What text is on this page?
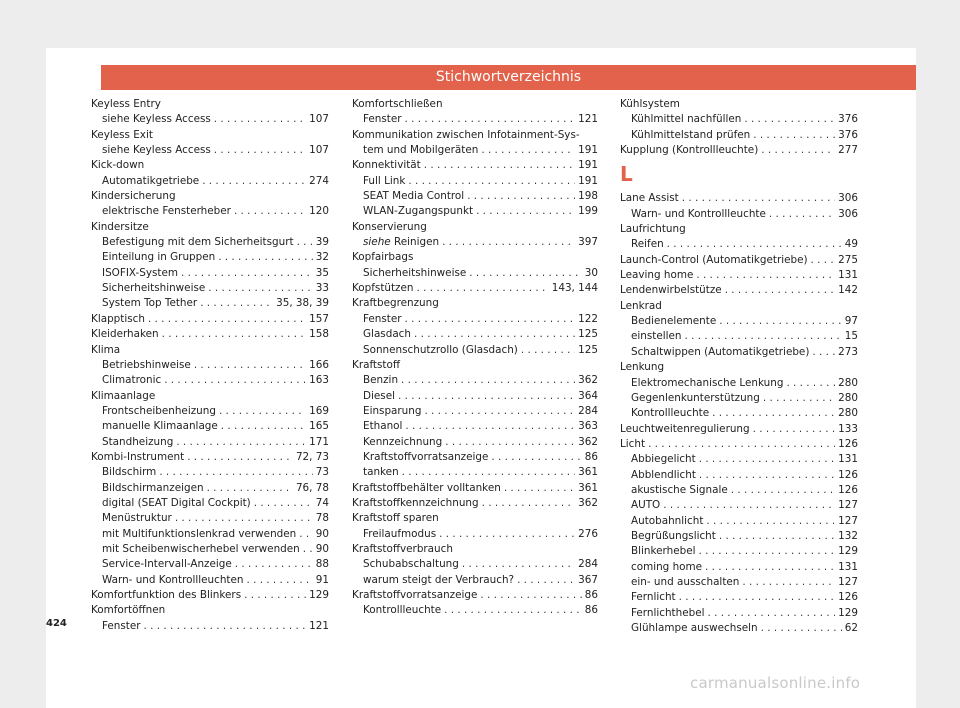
Stichwortverzeichnis
Keyless Entry
siehe Keyless Access . . .	107
Keyless Exit
siehe Keyless Access . . .	107
Kick-down
Automatikgetriebe . . .	274
Kindersicherung
elektrische Fensterheber . . .	120
Kindersitze
Befestigung mit dem Sicherheitsgurt . . . 39
Einteilung in Gruppen . . .	32
ISOFIX-System . . .	35
Sicherheitshinweise . . .	33
System Top Tether . . .	35, 38, 39
Klapptisch . . .	157
Kleiderhaken . . .	158
Klima
Betriebshinweise . . .	166
Climatronic . . .	163
Klimaanlage
Frontscheibenheizung . . .	169
manuelle Klimaanlage . . .	165
Standheizung . . .	171
Kombi-Instrument . . .	72, 73
Bildschirm . . .	73
Bildschirmanzeigen . . .	76, 78
digital (SEAT Digital Cockpit) . . .	74
Menüstruktur . . .	78
mit Multifunktionslenkrad verwenden . . . 90
mit Scheibenwischerhebel verwenden . . . 90
Service-Intervall-Anzeige . . .	88
Warn- und Kontrollleuchten . . .	91
Komfortfunktion des Blinkers . . .	129
Komfortöffnen
Fenster . . .	121
Komfortschließen
Fenster . . .	121
Kommunikation zwischen Infotainment-Sys-
tem und Mobilgeräten . . .	191
Konnektivität . . .	191
Full Link . . .	191
SEAT Media Control . . .	198
WLAN-Zugangspunkt . . .	199
Konservierung
siehe Reinigen . . .	397
Kopfairbags
Sicherheitshinweise . . .	30
Kopfstützen . . .	143, 144
Kraftbegrenzung
Fenster . . .	122
Glasdach . . .	125
Sonnenschutzrollo (Glasdach) . . .	125
Kraftstoff
Benzin . . .	362
Diesel . . .	364
Einsparung . . .	284
Ethanol . . .	363
Kennzeichnung . . .	362
Kraftstoffvorratsanzeige . . .	86
tanken . . .	361
Kraftstoffbehälter volltanken . . .	361
Kraftstoffkennzeichnung . . .	362
Kraftstoff sparen
Freilaufmodus . . .	276
Kraftstoffverbrauch
Schubabschaltung . . .	284
warum steigt der Verbrauch? . . .	367
Kraftstoffvorratsanzeige . . .	86
Kontrollleuchte . . .	86
Kühlsystem
Kühlmittel nachfüllen . . .	376
Kühlmittelstand prüfen . . .	376
Kupplung (Kontrollleuchte) . . .	277
L
Lane Assist . . .	306
Warn- und Kontrollleuchte . . .	306
Laufrichtung
Reifen . . .	49
Launch-Control (Automatikgetriebe) . . .	275
Leaving home . . .	131
Lendenwirbelstütze . . .	142
Lenkrad
Bedienelemente . . .	97
einstellen . . .	15
Schaltwippen (Automatikgetriebe) . . .	273
Lenkung
Elektromechanische Lenkung . . .	280
Gegenlenkunterstützung . . .	280
Kontrollleuchte . . .	280
Leuchtweitenregulierung . . .	133
Licht . . .	126
Abbiegelicht . . .	131
Abblendlicht . . .	126
akustische Signale . . .	126
AUTO . . .	127
Autobahnlicht . . .	127
Begrüßungslicht . . .	132
Blinkerhebel . . .	129
coming home . . .	131
ein- und ausschalten . . .	127
Fernlicht . . .	126
Fernlichthebel . . .	129
Glühlampe auswechseln . . .	62
424
carmanualsonline.info
